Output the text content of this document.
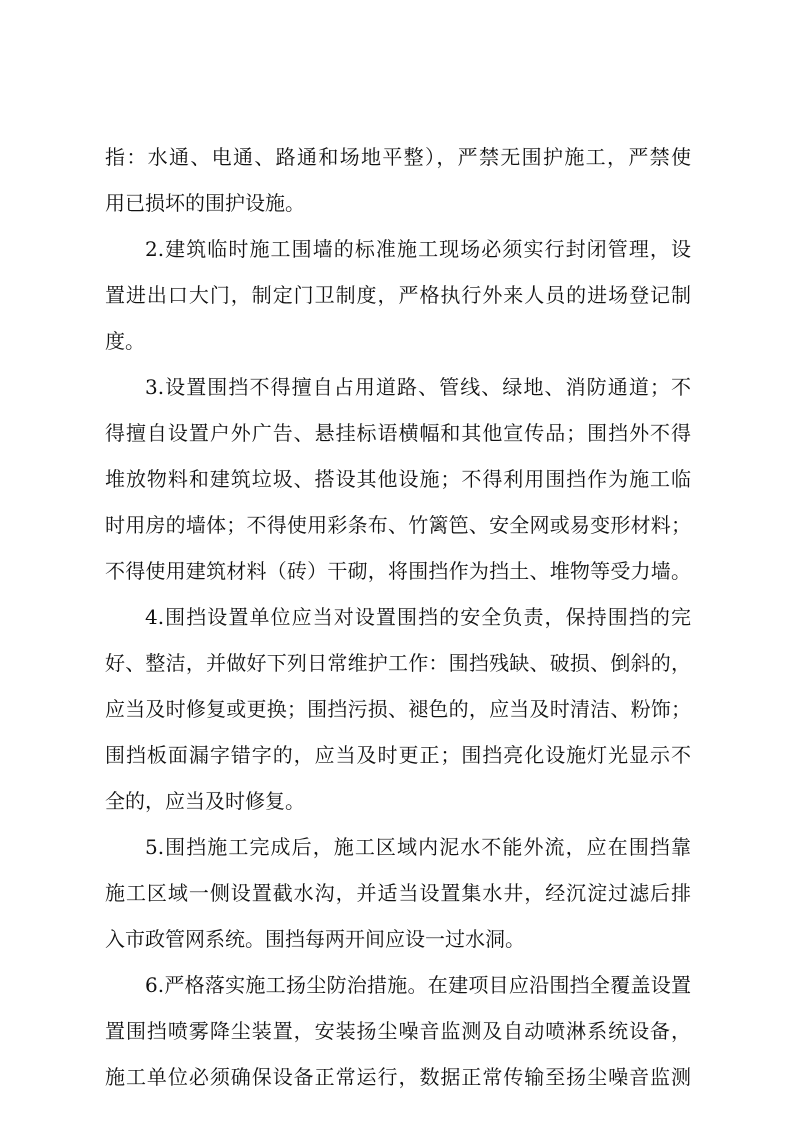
指：水通、电通、路通和场地平整），严禁无围护施工，严禁使

用已损坏的围护设施。

2.建筑临时施工围墙的标准施工现场必须实行封闭管理，设

置进出口大门，制定门卫制度，严格执行外来人员的进场登记制

度。

3.设置围挡不得擅自占用道路、管线、绿地、消防通道；不

得擅自设置户外广告、悬挂标语横幅和其他宣传品；围挡外不得

堆放物料和建筑垃圾、搭设其他设施；不得利用围挡作为施工临

时用房的墙体；不得使用彩条布、竹篱笆、安全网或易变形材料；

不得使用建筑材料（砖）干砌，将围挡作为挡土、堆物等受力墙。

4.围挡设置单位应当对设置围挡的安全负责，保持围挡的完

好、整洁，并做好下列日常维护工作：围挡残缺、破损、倒斜的，

应当及时修复或更换；围挡污损、褪色的，应当及时清洁、粉饰；

围挡板面漏字错字的，应当及时更正；围挡亮化设施灯光显示不

全的，应当及时修复。

5.围挡施工完成后，施工区域内泥水不能外流，应在围挡靠

施工区域一侧设置截水沟，并适当设置集水井，经沉淀过滤后排

入市政管网系统。围挡每两开间应设一过水洞。

6.严格落实施工扬尘防治措施。在建项目应沿围挡全覆盖设置

置围挡喷雾降尘装置，安装扬尘噪音监测及自动喷淋系统设备，

施工单位必须确保设备正常运行，数据正常传输至扬尘噪音监测
